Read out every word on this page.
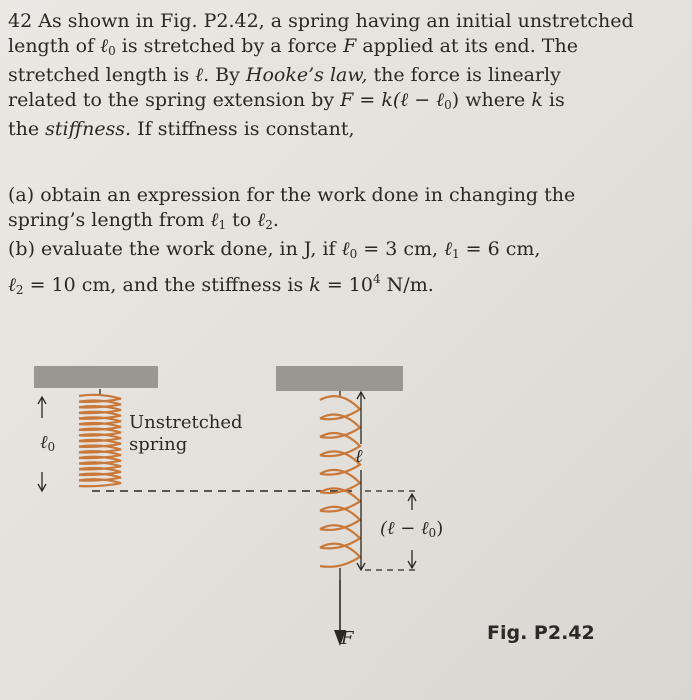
42 As shown in Fig. P2.42, a spring having an initial unstretched
length of ℓ$_0$ is stretched by a force F applied at its end. The
stretched length is ℓ. By Hooke’s law, the force is linearly
related to the spring extension by F = k(ℓ − ℓ$_0$) where k is
the stiffness. If stiffness is constant,
(a) obtain an expression for the work done in changing the
spring’s length from ℓ$_1$ to ℓ$_2$.
(b) evaluate the work done, in J, if ℓ$_0$ = 3 cm, ℓ$_1$ = 6 cm,
ℓ$_2$ = 10 cm, and the stiffness is $k = 10^4$ N/m.
Unstretched
spring
ℓ$_0$	ℓ
(ℓ − ℓ$_0$)
F	Fig. P2.42
